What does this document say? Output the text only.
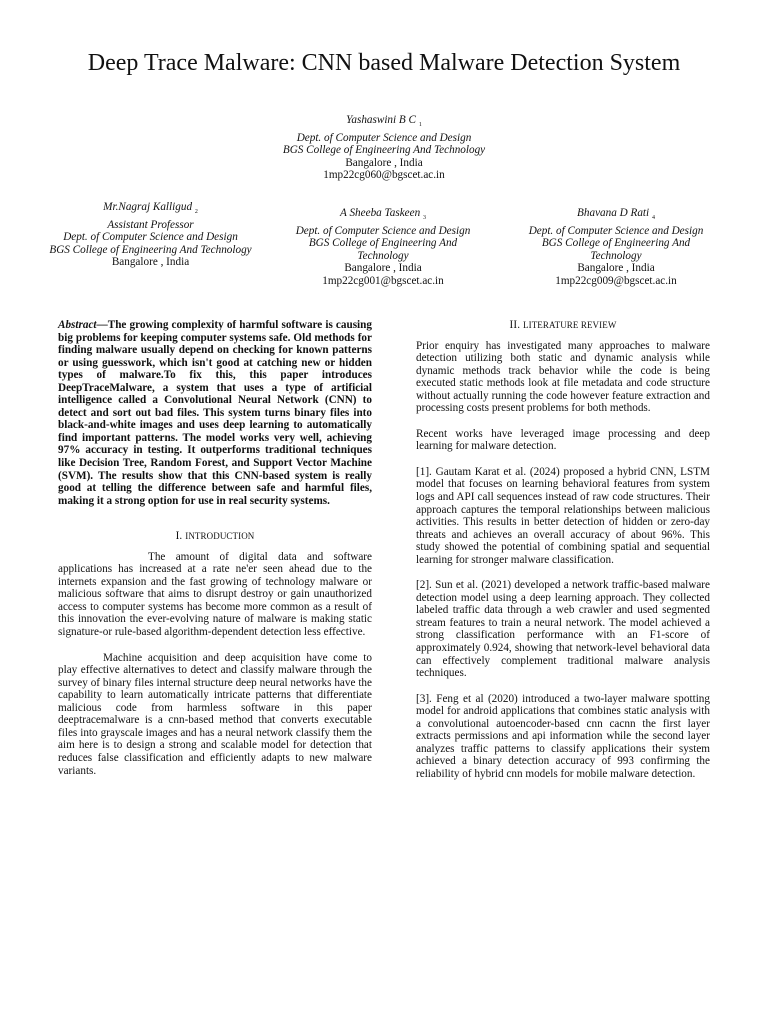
Deep Trace Malware: CNN based Malware Detection System
Yashaswini B C $_1$
Dept. of Computer Science and Design
BGS College of Engineering And Technology
Bangalore , India
1mp22cg060@bgscet.ac.in
Mr.Nagraj Kalligud $_2$
Assistant Professor
Dept. of Computer Science and Design
BGS College of Engineering And Technology
Bangalore , India
A Sheeba Taskeen $_3$
Dept. of Computer Science and Design
BGS College of Engineering And Technology
Bangalore , India
1mp22cg001@bgscet.ac.in
Bhavana D Rati $_4$
Dept. of Computer Science and Design
BGS College of Engineering And Technology
Bangalore , India
1mp22cg009@bgscet.ac.in

Abstract—The growing complexity of harmful software is causing big problems for keeping computer systems safe. Old methods for finding malware usually depend on checking for known patterns or using guesswork, which isn't good at catching new or hidden types of malware.To fix this, this paper introduces DeepTraceMalware, a system that uses a type of artificial intelligence called a Convolutional Neural Network (CNN) to detect and sort out bad files. This system turns binary files into black-and-white images and uses deep learning to automatically find important patterns. The model works very well, achieving 97% accuracy in testing. It outperforms traditional techniques like Decision Tree, Random Forest, and Support Vector Machine (SVM). The results show that this CNN-based system is really good at telling the difference between safe and harmful files, making it a strong option for use in real security systems.

I. INTRODUCTION

The amount of digital data and software applications has increased at a rate ne'er seen ahead due to the internets expansion and the fast growing of technology malware or malicious software that aims to disrupt destroy or gain unauthorized access to computer systems has become more common as a result of this innovation the ever-evolving nature of malware is making static signature-or rule-based algorithm-dependent detection less effective.

Machine acquisition and deep acquisition have come to play effective alternatives to detect and classify malware through the survey of binary files internal structure deep neural networks have the capability to learn automatically intricate patterns that differentiate malicious code from harmless software in this paper deeptracemalware is a cnn-based method that converts executable files into grayscale images and has a neural network classify them the aim here is to design a strong and scalable model for detection that reduces false classification and efficiently adapts to new malware variants.

II. LITERATURE REVIEW

Prior enquiry has investigated many approaches to malware detection utilizing both static and dynamic analysis while dynamic methods track behavior while the code is being executed static methods look at file metadata and code structure without actually running the code however feature extraction and processing costs present problems for both methods.

Recent works have leveraged image processing and deep learning for malware detection.

[1]. Gautam Karat et al. (2024) proposed a hybrid CNN, LSTM model that focuses on learning behavioral features from system logs and API call sequences instead of raw code structures. Their approach captures the temporal relationships between malicious activities. This results in better detection of hidden or zero-day threats and achieves an overall accuracy of about 96%. This study showed the potential of combining spatial and sequential learning for stronger malware classification.

[2]. Sun et al. (2021) developed a network traffic-based malware detection model using a deep learning approach. They collected labeled traffic data through a web crawler and used segmented stream features to train a neural network. The model achieved a strong classification performance with an F1-score of approximately 0.924, showing that network-level behavioral data can effectively complement traditional malware analysis techniques.

[3]. Feng et al (2020) introduced a two-layer malware spotting model for android applications that combines static analysis with a convolutional autoencoder-based cnn cacnn the first layer extracts permissions and api information while the second layer analyzes traffic patterns to classify applications their system achieved a binary detection accuracy of 993 confirming the reliability of hybrid cnn models for mobile malware detection.
